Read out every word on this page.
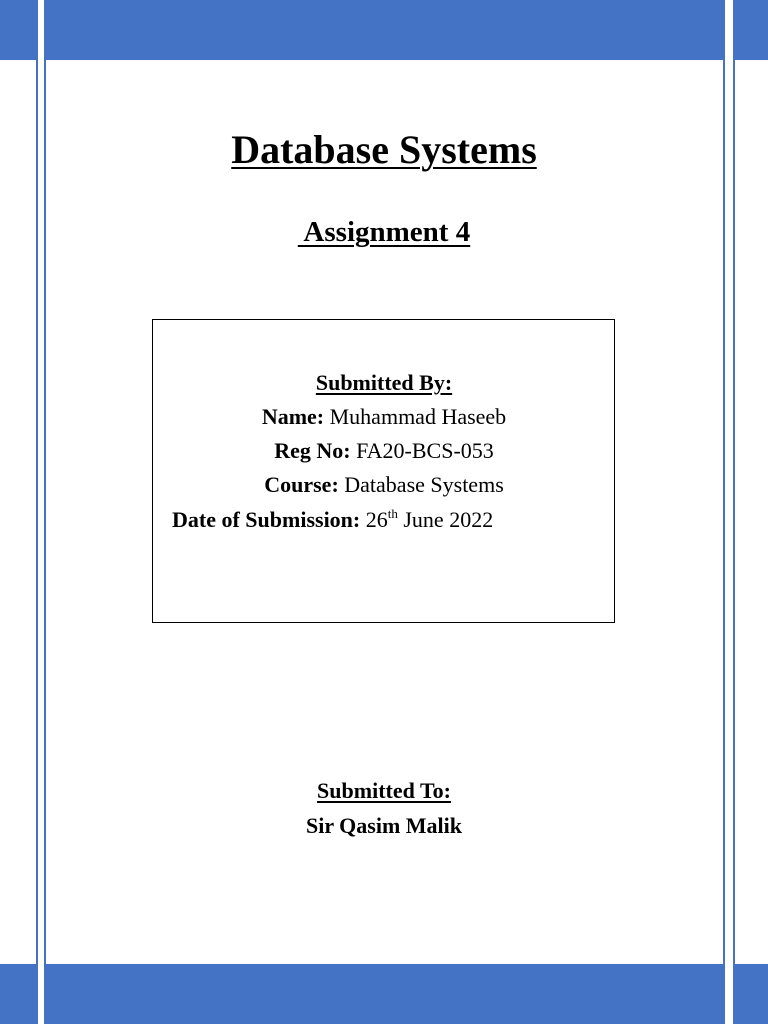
Database Systems
Assignment 4
Submitted By:
Name: Muhammad Haseeb
Reg No: FA20-BCS-053
Course: Database Systems
Date of Submission: 26th June 2022
Submitted To:
Sir Qasim Malik
